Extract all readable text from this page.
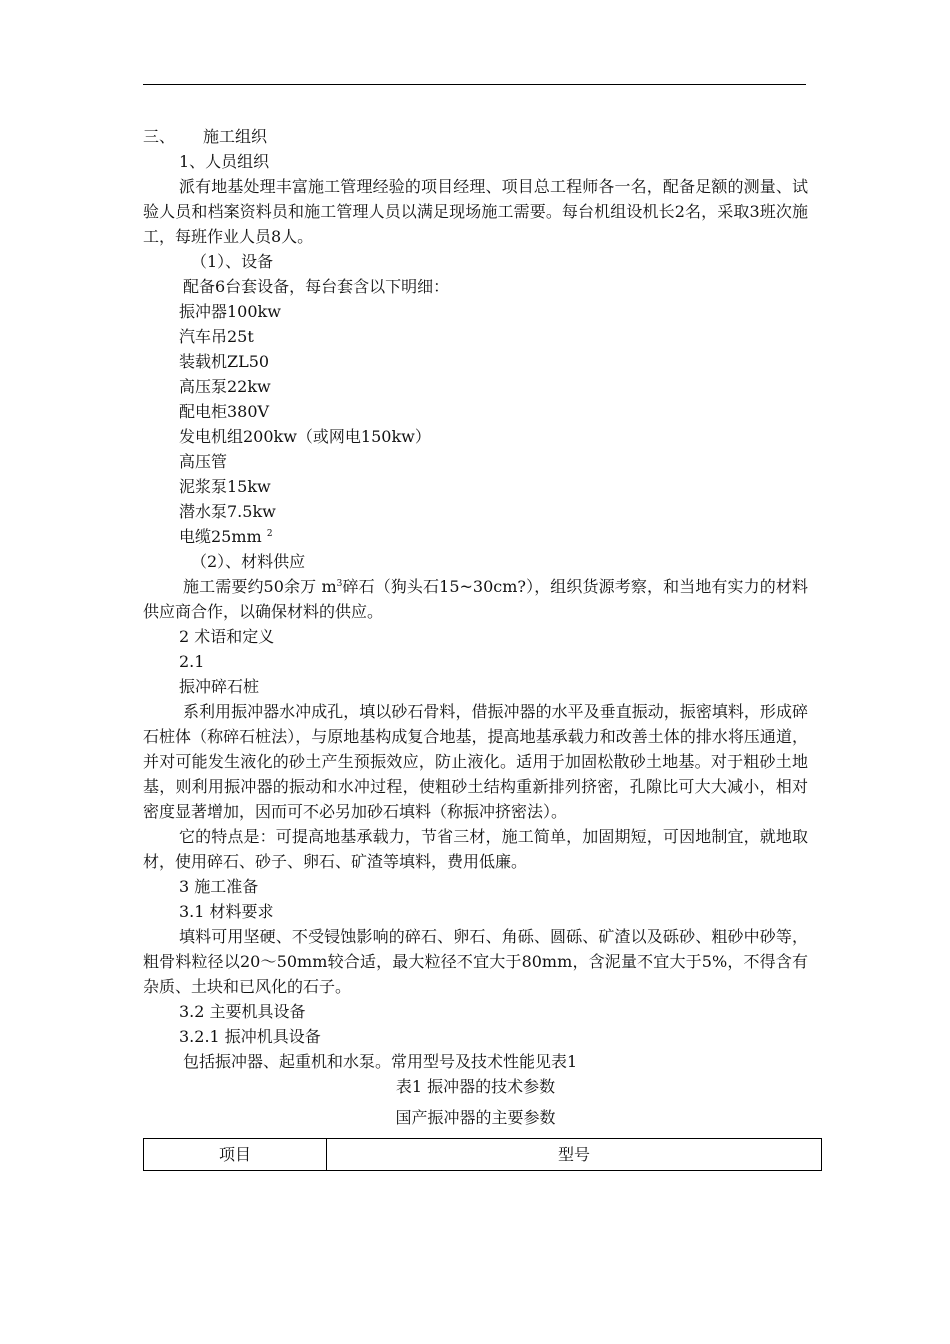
三、 施工组织
1、人员组织
派有地基处理丰富施工管理经验的项目经理、项目总工程师各一名，配备足额的测量、试验人员和档案资料员和施工管理人员以满足现场施工需要。每台机组设机长2名，采取3班次施工，每班作业人员8人。
（1）、设备
配备6台套设备，每台套含以下明细：
振冲器100kw
汽车吊25t
装载机ZL50
高压泵22kw
配电柜380V
发电机组200kw（或网电150kw）
高压管
泥浆泵15kw
潜水泵7.5kw
电缆25mm $^2$
（2）、材料供应
施工需要约50余万 $m^3$碎石（狗头石15~30cm?），组织货源考察，和当地有实力的材料供应商合作，以确保材料的供应。
2 术语和定义
2.1
振冲碎石桩
系利用振冲器水冲成孔，填以砂石骨料，借振冲器的水平及垂直振动，振密填料，形成碎石桩体（称碎石桩法），与原地基构成复合地基，提高地基承载力和改善土体的排水将压通道，并对可能发生液化的砂土产生预振效应，防止液化。适用于加固松散砂土地基。对于粗砂土地基，则利用振冲器的振动和水冲过程，使粗砂土结构重新排列挤密，孔隙比可大大减小，相对密度显著增加，因而可不必另加砂石填料（称振冲挤密法）。
它的特点是：可提高地基承载力，节省三材，施工简单，加固期短，可因地制宜，就地取材，使用碎石、砂子、卵石、矿渣等填料，费用低廉。
3 施工准备
3.1 材料要求
填料可用坚硬、不受锓蚀影响的碎石、卵石、角砾、圆砾、矿渣以及砾砂、粗砂中砂等，粗骨料粒径以20～50mm较合适，最大粒径不宜大于80mm，含泥量不宜大于5%，不得含有杂质、土块和已风化的石子。
3.2 主要机具设备
3.2.1 振冲机具设备
包括振冲器、起重机和水泵。常用型号及技术性能见表1
表1 振冲器的技术参数
国产振冲器的主要参数
项目	型号
